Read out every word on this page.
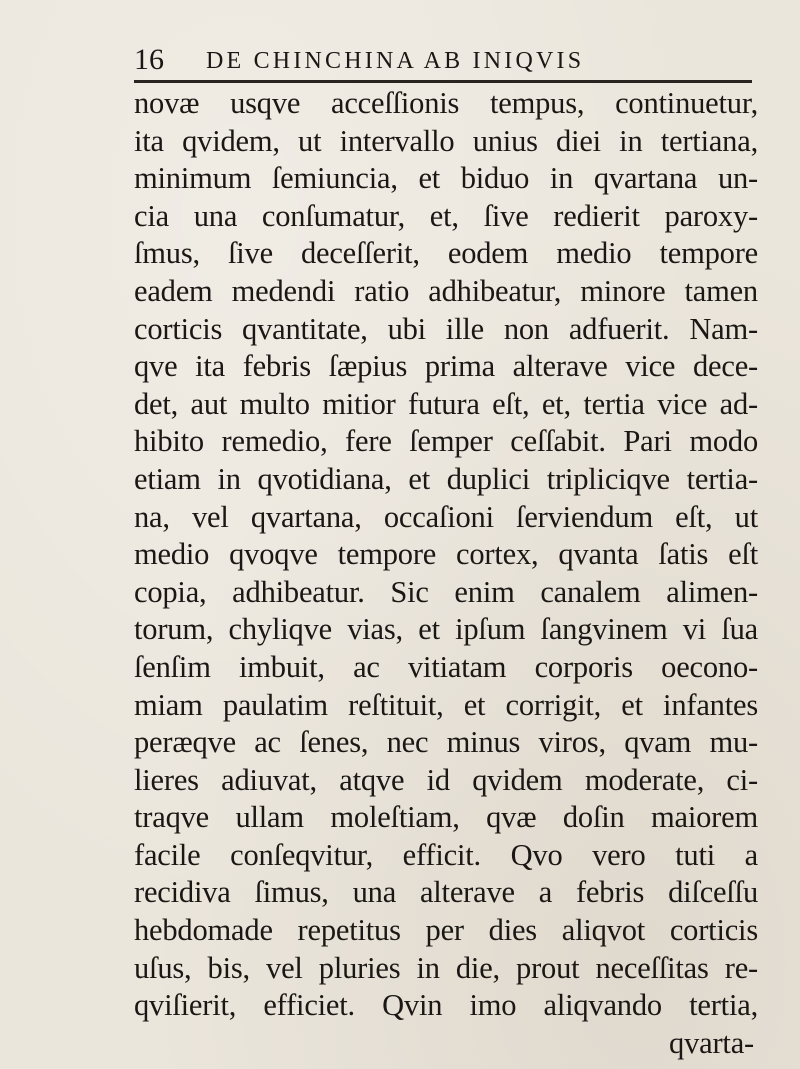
16 DE CHINCHINA AB INIQVIS
novæ usqve acceſſionis tempus, continuetur,
ita qvidem, ut intervallo unius diei in tertiana,
minimum ſemiuncia, et biduo in qvartana un-
cia una conſumatur, et, ſive redierit paroxy-
ſmus, ſive deceſſerit, eodem medio tempore
eadem medendi ratio adhibeatur, minore tamen
corticis qvantitate, ubi ille non adfuerit. Nam-
qve ita febris ſæpius prima alterave vice dece-
det, aut multo mitior futura eſt, et, tertia vice ad-
hibito remedio, fere ſemper ceſſabit. Pari modo
etiam in qvotidiana, et duplici tripliciqve tertia-
na, vel qvartana, occaſioni ſerviendum eſt, ut
medio qvoqve tempore cortex, qvanta ſatis eſt
copia, adhibeatur. Sic enim canalem alimen-
torum, chyliqve vias, et ipſum ſangvinem vi ſua
ſenſim imbuit, ac vitiatam corporis oecono-
miam paulatim reſtituit, et corrigit, et infantes
peræqve ac ſenes, nec minus viros, qvam mu-
lieres adiuvat, atqve id qvidem moderate, ci-
traqve ullam moleſtiam, qvæ doſin maiorem
facile conſeqvitur, efficit. Qvo vero tuti a
recidiva ſimus, una alterave a febris diſceſſu
hebdomade repetitus per dies aliqvot corticis
uſus, bis, vel pluries in die, prout neceſſitas re-
qviſierit, efficiet. Qvin imo aliqvando tertia,
qvarta-
